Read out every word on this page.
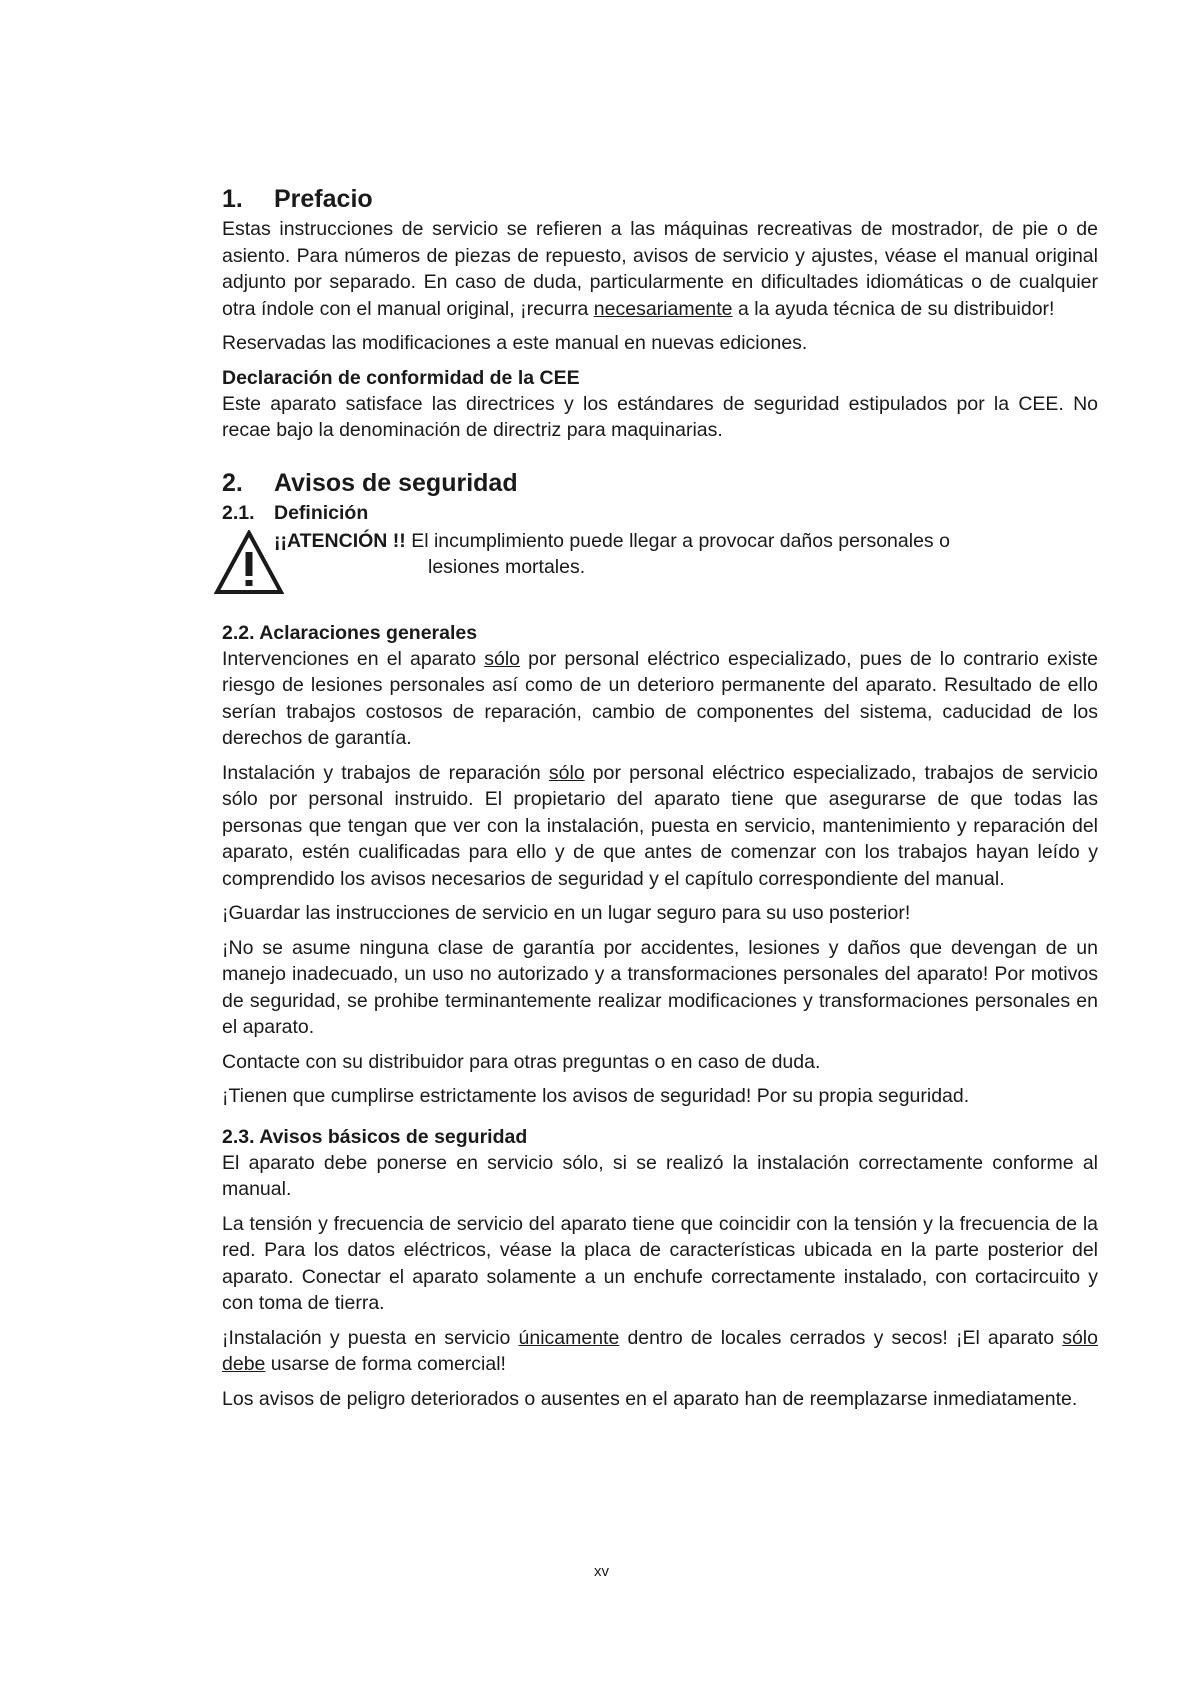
1.	Prefacio

Estas instrucciones de servicio se refieren a las máquinas recreativas de mostrador, de pie o de asiento. Para números de piezas de repuesto, avisos de servicio y ajustes, véase el manual original adjunto por separado. En caso de duda, particularmente en dificultades idiomáticas o de cualquier otra índole con el manual original, ¡recurra necesariamente a la ayuda técnica de su distribuidor!

Reservadas las modificaciones a este manual en nuevas ediciones.

Declaración de conformidad de la CEE

Este aparato satisface las directrices y los estándares de seguridad estipulados por la CEE. No recae bajo la denominación de directriz para maquinarias.

2.	Avisos de seguridad
2.1. Definición
¡¡ATENCIÓN !! El incumplimiento puede llegar a provocar daños personales o
lesiones mortales.
2.2. Aclaraciones generales

Intervenciones en el aparato sólo por personal eléctrico especializado, pues de lo contrario existe riesgo de lesiones personales así como de un deterioro permanente del aparato. Resultado de ello serían trabajos costosos de reparación, cambio de componentes del sistema, caducidad de los derechos de garantía.

Instalación y trabajos de reparación sólo por personal eléctrico especializado, trabajos de servicio sólo por personal instruido. El propietario del aparato tiene que asegurarse de que todas las personas que tengan que ver con la instalación, puesta en servicio, mantenimiento y reparación del aparato, estén cualificadas para ello y de que antes de comenzar con los trabajos hayan leído y comprendido los avisos necesarios de seguridad y el capítulo correspondiente del manual.

¡Guardar las instrucciones de servicio en un lugar seguro para su uso posterior!

¡No se asume ninguna clase de garantía por accidentes, lesiones y daños que devengan de un manejo inadecuado, un uso no autorizado y a transformaciones personales del aparato! Por motivos de seguridad, se prohibe terminantemente realizar modificaciones y transformaciones personales en el aparato.

Contacte con su distribuidor para otras preguntas o en caso de duda.

¡Tienen que cumplirse estrictamente los avisos de seguridad! Por su propia seguridad.

2.3. Avisos básicos de seguridad

El aparato debe ponerse en servicio sólo, si se realizó la instalación correctamente conforme al manual.

La tensión y frecuencia de servicio del aparato tiene que coincidir con la tensión y la frecuencia de la red. Para los datos eléctricos, véase la placa de características ubicada en la parte posterior del aparato. Conectar el aparato solamente a un enchufe correctamente instalado, con cortacircuito y con toma de tierra.

¡Instalación y puesta en servicio únicamente dentro de locales cerrados y secos! ¡El aparato sólo debe usarse de forma comercial!

Los avisos de peligro deteriorados o ausentes en el aparato han de reemplazarse inmediatamente.

xv
